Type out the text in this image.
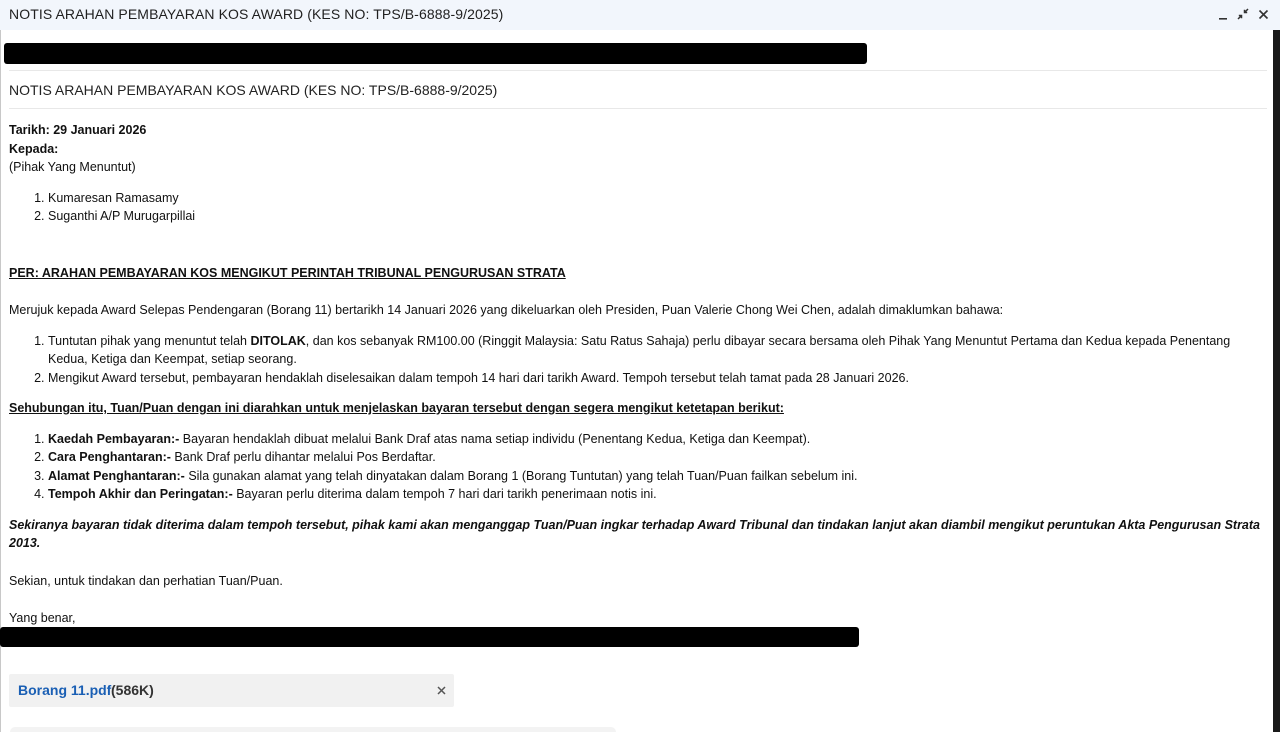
NOTIS ARAHAN PEMBAYARAN KOS AWARD (KES NO: TPS/B-6888-9/2025)
NOTIS ARAHAN PEMBAYARAN KOS AWARD (KES NO: TPS/B-6888-9/2025)

Tarikh: 29 Januari 2026

Kepada:

(Pihak Yang Menuntut)

1. Kumaresan Ramasamy
2. Suganthi A/P Murugarpillai

PER: ARAHAN PEMBAYARAN KOS MENGIKUT PERINTAH TRIBUNAL PENGURUSAN STRATA

Merujuk kepada Award Selepas Pendengaran (Borang 11) bertarikh 14 Januari 2026 yang dikeluarkan oleh Presiden, Puan Valerie Chong Wei Chen, adalah dimaklumkan bahawa:

1. Tuntutan pihak yang menuntut telah DITOLAK, dan kos sebanyak RM100.00 (Ringgit Malaysia: Satu Ratus Sahaja) perlu dibayar secara bersama oleh Pihak Yang Menuntut Pertama dan Kedua kepada Penentang Kedua, Ketiga dan Keempat, setiap seorang.
2. Mengikut Award tersebut, pembayaran hendaklah diselesaikan dalam tempoh 14 hari dari tarikh Award. Tempoh tersebut telah tamat pada 28 Januari 2026.

Sehubungan itu, Tuan/Puan dengan ini diarahkan untuk menjelaskan bayaran tersebut dengan segera mengikut ketetapan berikut:

1. Kaedah Pembayaran:- Bayaran hendaklah dibuat melalui Bank Draf atas nama setiap individu (Penentang Kedua, Ketiga dan Keempat).
2. Cara Penghantaran:- Bank Draf perlu dihantar melalui Pos Berdaftar.
3. Alamat Penghantaran:- Sila gunakan alamat yang telah dinyatakan dalam Borang 1 (Borang Tuntutan) yang telah Tuan/Puan failkan sebelum ini.
4. Tempoh Akhir dan Peringatan:- Bayaran perlu diterima dalam tempoh 7 hari dari tarikh penerimaan notis ini.

Sekiranya bayaran tidak diterima dalam tempoh tersebut, pihak kami akan menganggap Tuan/Puan ingkar terhadap Award Tribunal dan tindakan lanjut akan diambil mengikut peruntukan Akta Pengurusan Strata 2013.

Sekian, untuk tindakan dan perhatian Tuan/Puan.

Yang benar,

Borang 11.pdf (586K)
